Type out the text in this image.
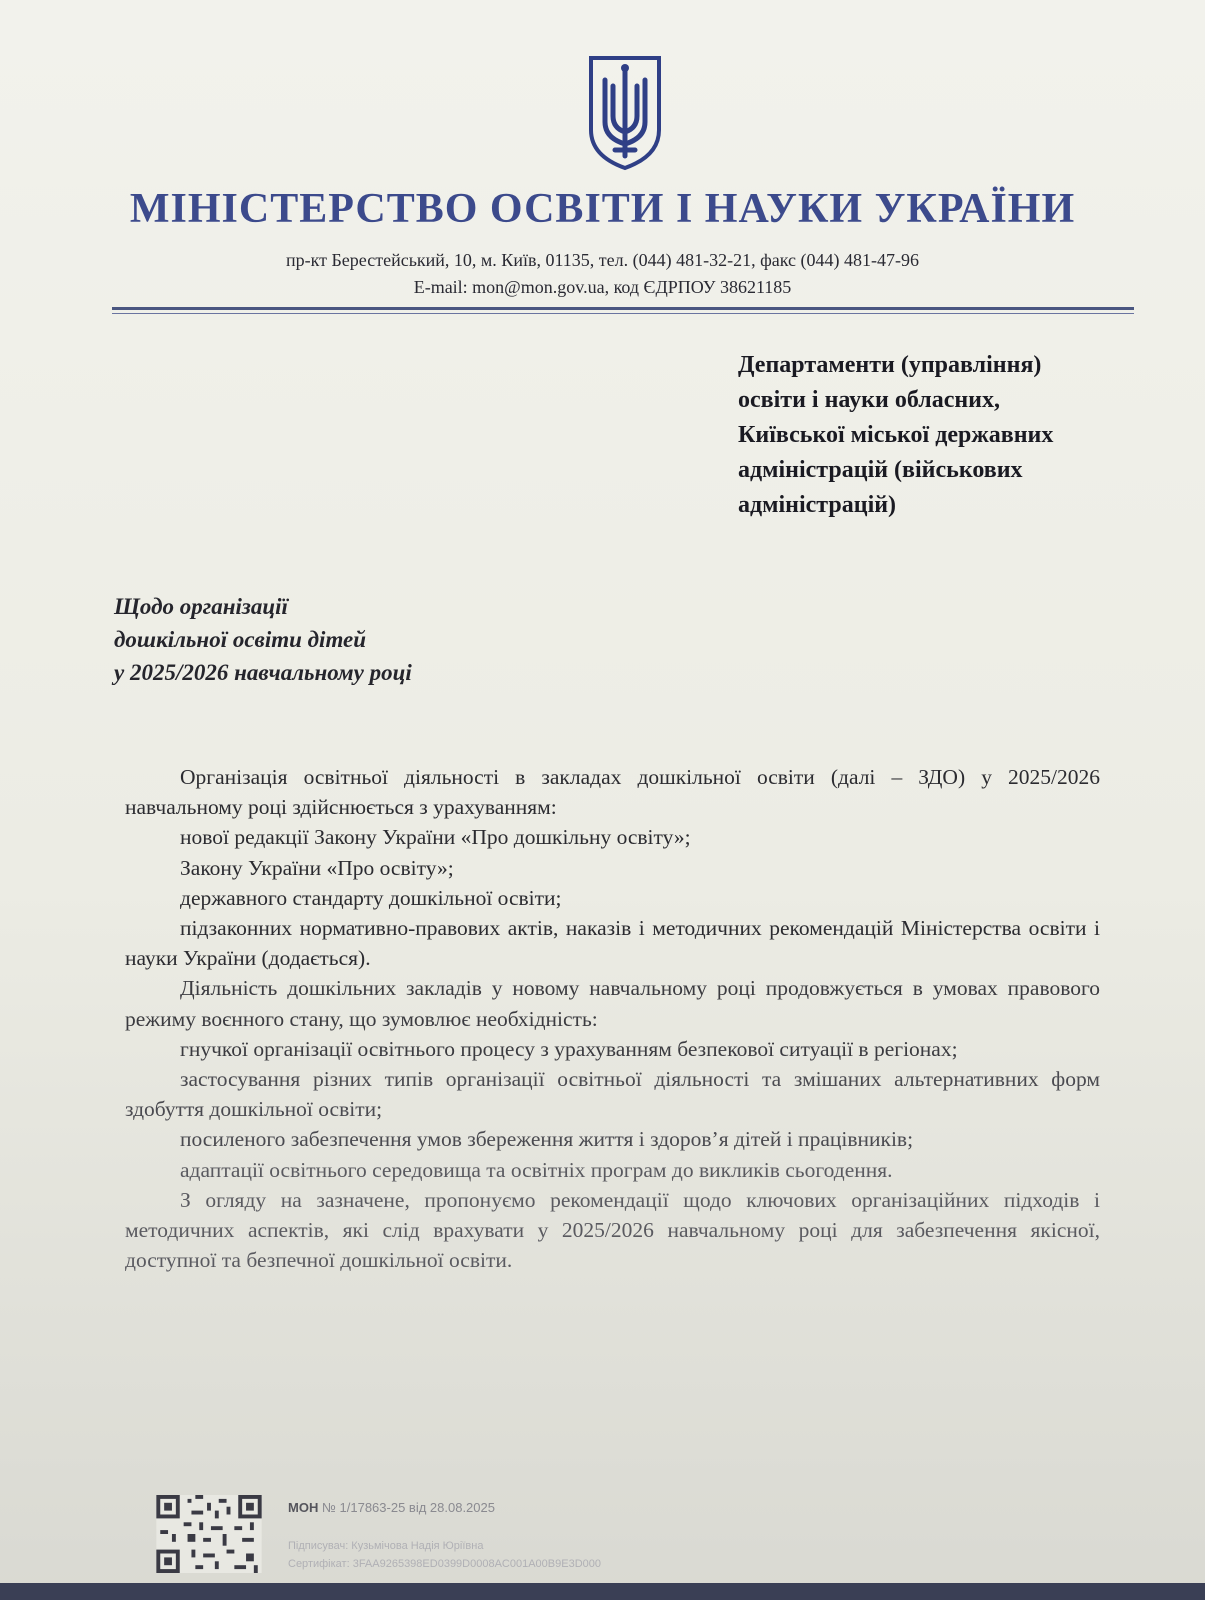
МІНІСТЕРСТВО ОСВІТИ І НАУКИ УКРАЇНИ
пр-кт Берестейський, 10, м. Київ, 01135, тел. (044) 481-32-21, факс (044) 481-47-96
E-mail: mon@mon.gov.ua, код ЄДРПОУ 38621185
Департаменти (управління)
освіти і науки обласних,
Київської міської державних
адміністрацій (військових
адміністрацій)
Щодо організації
дошкільної освіти дітей
у 2025/2026 навчальному році

Організація освітньої діяльності в закладах дошкільної освіти (далі – ЗДО) у 2025/2026 навчальному році здійснюється з урахуванням:

нової редакції Закону України «Про дошкільну освіту»;

Закону України «Про освіту»;

державного стандарту дошкільної освіти;

підзаконних нормативно-правових актів, наказів і методичних рекомендацій Міністерства освіти і науки України (додається).

Діяльність дошкільних закладів у новому навчальному році продовжується в умовах правового режиму воєнного стану, що зумовлює необхідність:

гнучкої організації освітнього процесу з урахуванням безпекової ситуації в регіонах;

застосування різних типів організації освітньої діяльності та змішаних альтернативних форм здобуття дошкільної освіти;

посиленого забезпечення умов збереження життя і здоров’я дітей і працівників;

адаптації освітнього середовища та освітніх програм до викликів сьогодення.

З огляду на зазначене, пропонуємо рекомендації щодо ключових організаційних підходів і методичних аспектів, які слід врахувати у 2025/2026 навчальному році для забезпечення якісної, доступної та безпечної дошкільної освіти.

МОН № 1/17863-25 від 28.08.2025
Підписувач: Кузьмічова Надія Юріївна
Сертифікат: 3FAA9265398ED0399D0008AC001A00B9E3D000
